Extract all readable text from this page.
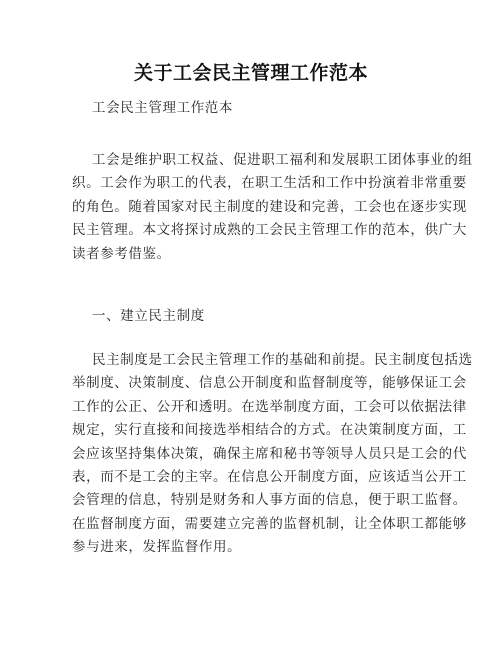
关于工会民主管理工作范本
工会民主管理工作范本
工会是维护职工权益、促进职工福利和发展职工团体事业的组
织。工会作为职工的代表，在职工生活和工作中扮演着非常重要
的角色。随着国家对民主制度的建设和完善，工会也在逐步实现
民主管理。本文将探讨成熟的工会民主管理工作的范本，供广大
读者参考借鉴。
一、建立民主制度
民主制度是工会民主管理工作的基础和前提。民主制度包括选
举制度、决策制度、信息公开制度和监督制度等，能够保证工会
工作的公正、公开和透明。在选举制度方面，工会可以依据法律
规定，实行直接和间接选举相结合的方式。在决策制度方面，工
会应该坚持集体决策，确保主席和秘书等领导人员只是工会的代
表，而不是工会的主宰。在信息公开制度方面，应该适当公开工
会管理的信息，特别是财务和人事方面的信息，便于职工监督。
在监督制度方面，需要建立完善的监督机制，让全体职工都能够
参与进来，发挥监督作用。
